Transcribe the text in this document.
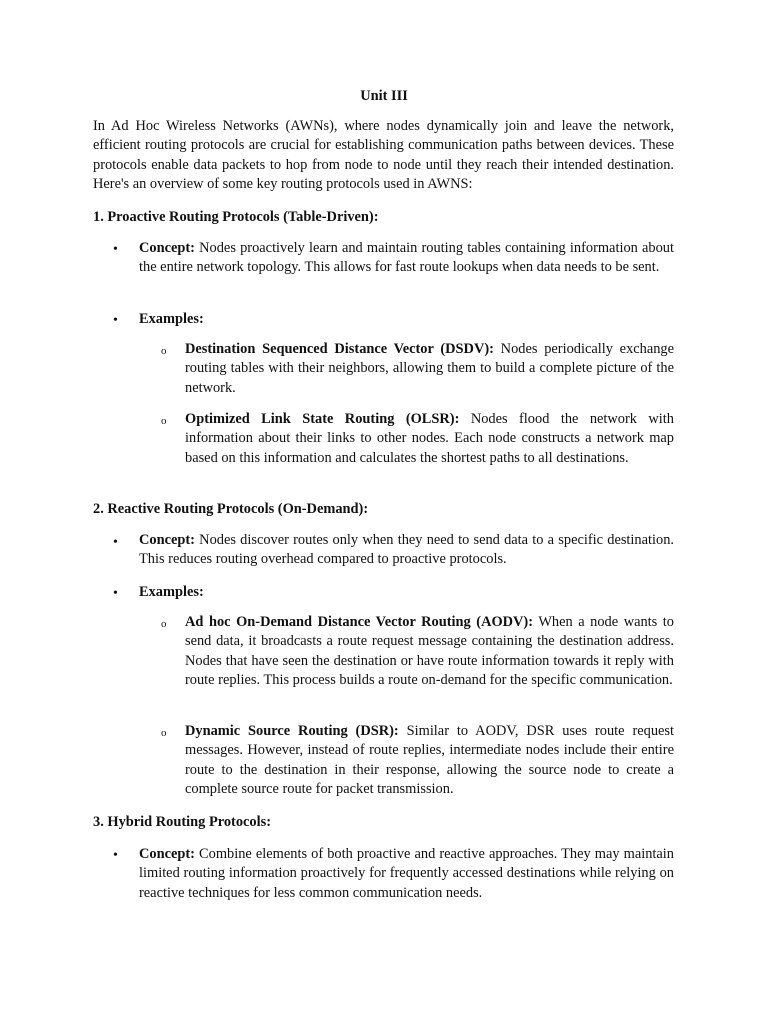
Unit III

In Ad Hoc Wireless Networks (AWNs), where nodes dynamically join and leave the network, efficient routing protocols are crucial for establishing communication paths between devices. These protocols enable data packets to hop from node to node until they reach their intended destination. Here's an overview of some key routing protocols used in AWNS:

1. Proactive Routing Protocols (Table-Driven):

• Concept: Nodes proactively learn and maintain routing tables containing information about the entire network topology. This allows for fast route lookups when data needs to be sent.
• Examples:
o Destination Sequenced Distance Vector (DSDV): Nodes periodically exchange routing tables with their neighbors, allowing them to build a complete picture of the network.
o Optimized Link State Routing (OLSR): Nodes flood the network with information about their links to other nodes. Each node constructs a network map based on this information and calculates the shortest paths to all destinations.

2. Reactive Routing Protocols (On-Demand):

• Concept: Nodes discover routes only when they need to send data to a specific destination. This reduces routing overhead compared to proactive protocols.
• Examples:
o Ad hoc On-Demand Distance Vector Routing (AODV): When a node wants to send data, it broadcasts a route request message containing the destination address. Nodes that have seen the destination or have route information towards it reply with route replies. This process builds a route on-demand for the specific communication.
o Dynamic Source Routing (DSR): Similar to AODV, DSR uses route request messages. However, instead of route replies, intermediate nodes include their entire route to the destination in their response, allowing the source node to create a complete source route for packet transmission.

3. Hybrid Routing Protocols:

• Concept: Combine elements of both proactive and reactive approaches. They may maintain limited routing information proactively for frequently accessed destinations while relying on reactive techniques for less common communication needs.
